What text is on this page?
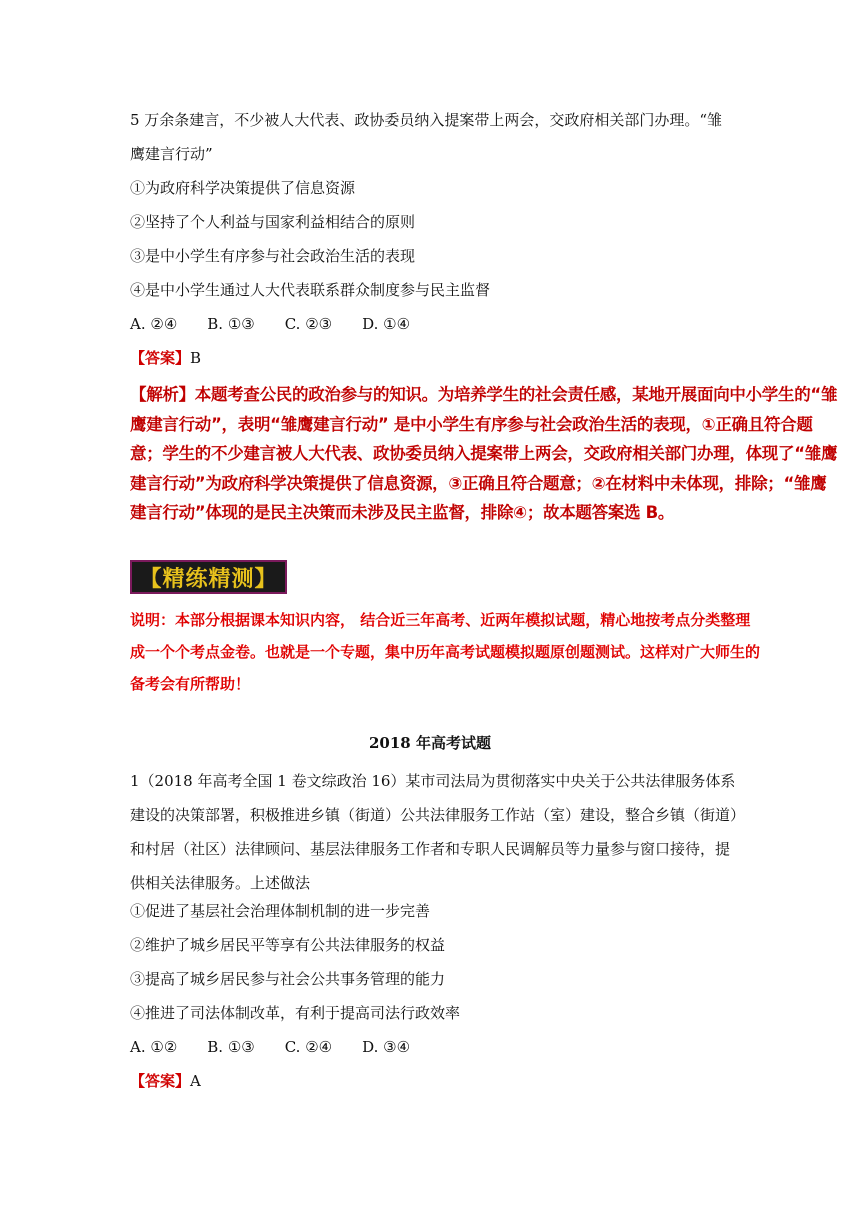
5 万余条建言，不少被人大代表、政协委员纳入提案带上两会，交政府相关部门办理。“雏
鹰建言行动”
①为政府科学决策提供了信息资源
②坚持了个人利益与国家利益相结合的原则
③是中小学生有序参与社会政治生活的表现
④是中小学生通过人大代表联系群众制度参与民主监督
A. ②④　　B. ①③　　C. ②③　　D. ①④
【答案】B
【解析】本题考查公民的政治参与的知识。为培养学生的社会责任感，某地开展面向中小学生的“雏鹰建言行动”，表明“雏鹰建言行动” 是中小学生有序参与社会政治生活的表现，①正确且符合题意；学生的不少建言被人大代表、政协委员纳入提案带上两会，交政府相关部门办理，体现了“雏鹰建言行动”为政府科学决策提供了信息资源，③正确且符合题意；②在材料中未体现，排除；“雏鹰建言行动”体现的是民主决策而未涉及民主监督，排除④；故本题答案选 B。
【精练精测】
说明：本部分根据课本知识内容， 结合近三年高考、近两年模拟试题，精心地按考点分类整理成一个个考点金卷。也就是一个专题，集中历年高考试题模拟题原创题测试。这样对广大师生的备考会有所帮助！
2018 年高考试题
1（2018 年高考全国 1 卷文综政治 16）某市司法局为贯彻落实中央关于公共法律服务体系建设的决策部署，积极推进乡镇（街道）公共法律服务工作站（室）建设，整合乡镇（街道）和村居（社区）法律顾问、基层法律服务工作者和专职人民调解员等力量参与窗口接待，提供相关法律服务。上述做法
①促进了基层社会治理体制机制的进一步完善
②维护了城乡居民平等享有公共法律服务的权益
③提高了城乡居民参与社会公共事务管理的能力
④推进了司法体制改革，有利于提高司法行政效率
A. ①②　　B. ①③　　C. ②④　　D. ③④
【答案】A
